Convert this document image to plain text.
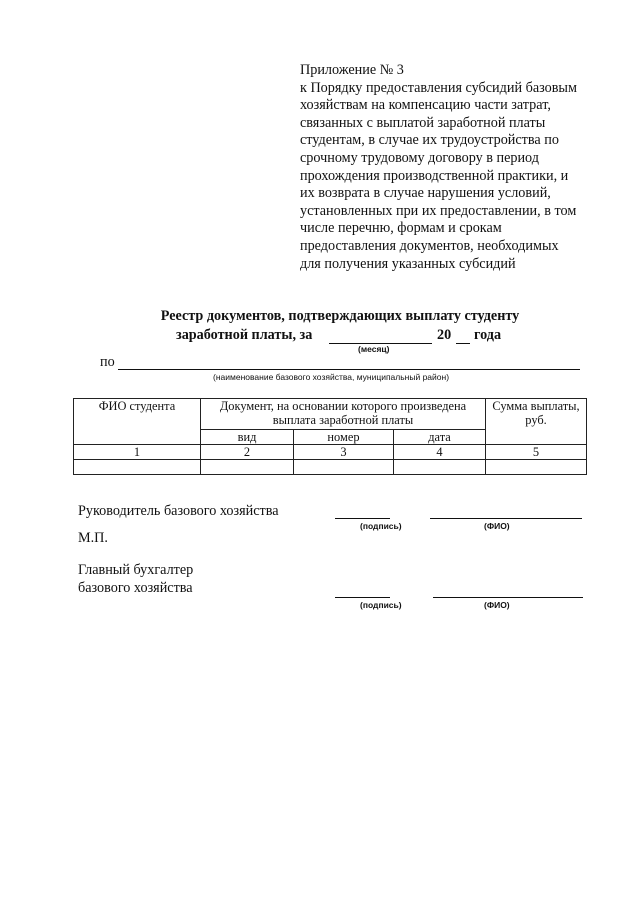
Приложение № 3
к Порядку предоставления субсидий базовым
хозяйствам на компенсацию части затрат,
связанных с выплатой заработной платы
студентам, в случае их трудоустройства по
срочному трудовому договору в период
прохождения производственной практики, и
их возврата в случае нарушения условий,
установленных при их предоставлении, в том
числе перечню, формам и срокам
предоставления документов, необходимых
для получения указанных субсидий
Реестр документов, подтверждающих выплату студенту
заработной платы, за	20 года
(месяц)
по
(наименование базового хозяйства, муниципальный район)
ФИО студента	Документ, на основании которого произведена выплата заработной платы			Сумма выплаты, руб.
	вид	номер	дата	
1	2	3	4	5

Руководитель базового хозяйства
(подпись)	(ФИО)
М.П.
Главный бухгалтер
базового хозяйства
(подпись)	(ФИО)
